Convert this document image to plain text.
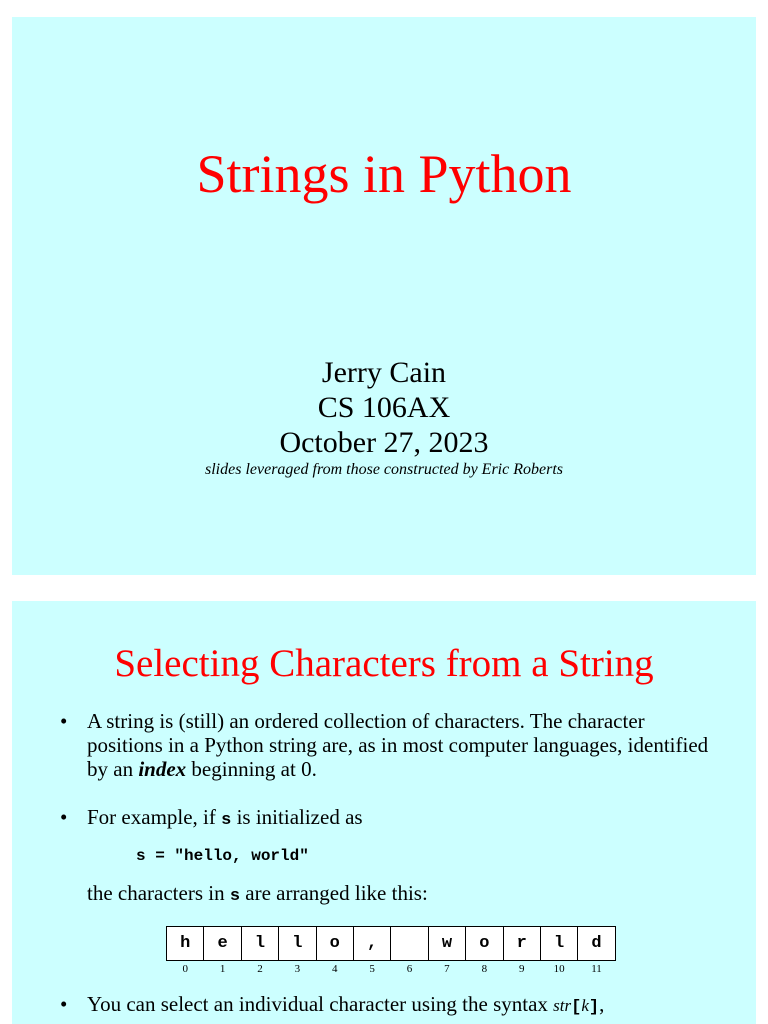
Strings in Python
Jerry Cain
CS 106AX
October 27, 2023
slides leveraged from those constructed by Eric Roberts
Selecting Characters from a String
• A string is (still) an ordered collection of characters. The character positions in a Python string are, as in most computer languages, identified by an index beginning at 0.
• For example, if s is initialized as
s = "hello, world"
the characters in s are arranged like this:
h	e	l	l	o	,		w	o	r	l	d
0	1	2	3	4	5	6	7	8	9	10	11
• You can select an individual character using the syntax str[k],
